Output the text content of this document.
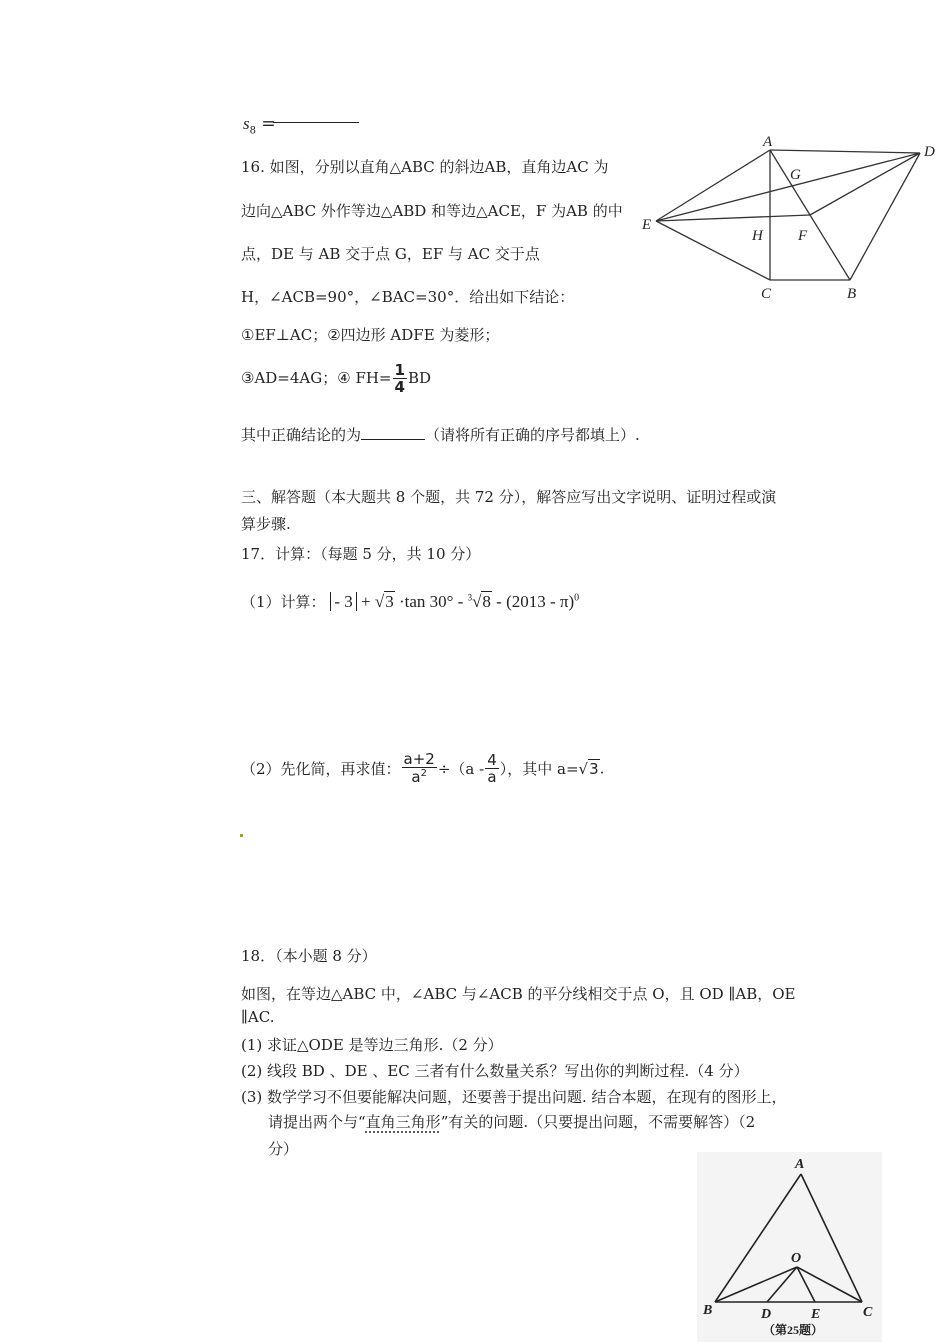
$s_8$ =
16. 如图，分别以直角△ABC 的斜边AB，直角边AC 为
边向△ABC 外作等边△ABD 和等边△ACE，F 为AB 的中
点，DE 与 AB 交于点 G，EF 与 AC 交于点
H，∠ACB=90°，∠BAC=30°．给出如下结论：
①EF⊥AC；②四边形 ADFE 为菱形；
③AD=4AG；④ $FH= \frac{1}{4}$ BD
其中正确结论的为	（请将所有正确的序号都填上）.
A
D
G
E
H F
C	B
三、解答题（本大题共 8 个题，共 72 分），解答应写出文字说明、证明过程或演
算步骤.
17．计算：（每题 5 分，共 10 分）
（1）计算： - 3 + √3 ·tan 30° - $^3$√8 - (2013 - π)$^0$
（2）先化简，再求值： $\frac{a+2}{a^2} \div(a - \frac{4}{a}$ ），其中 a=√3.
18．（本小题 8 分）
如图，在等边△ABC 中，∠ABC 与∠ACB 的平分线相交于点 O，且 OD ∥AB，OE
∥AC.
(1) 求证△ODE 是等边三角形.（2 分）
(2) 线段 BD 、DE 、EC 三者有什么数量关系？写出你的判断过程.（4 分）
(3) 数学学习不但要能解决问题，还要善于提出问题. 结合本题，在现有的图形上，
请提出两个与“直角三角形”有关的问题.（只要提出问题，不需要解答）（2
分）
A
O
B	D	E	C
（第25题）
